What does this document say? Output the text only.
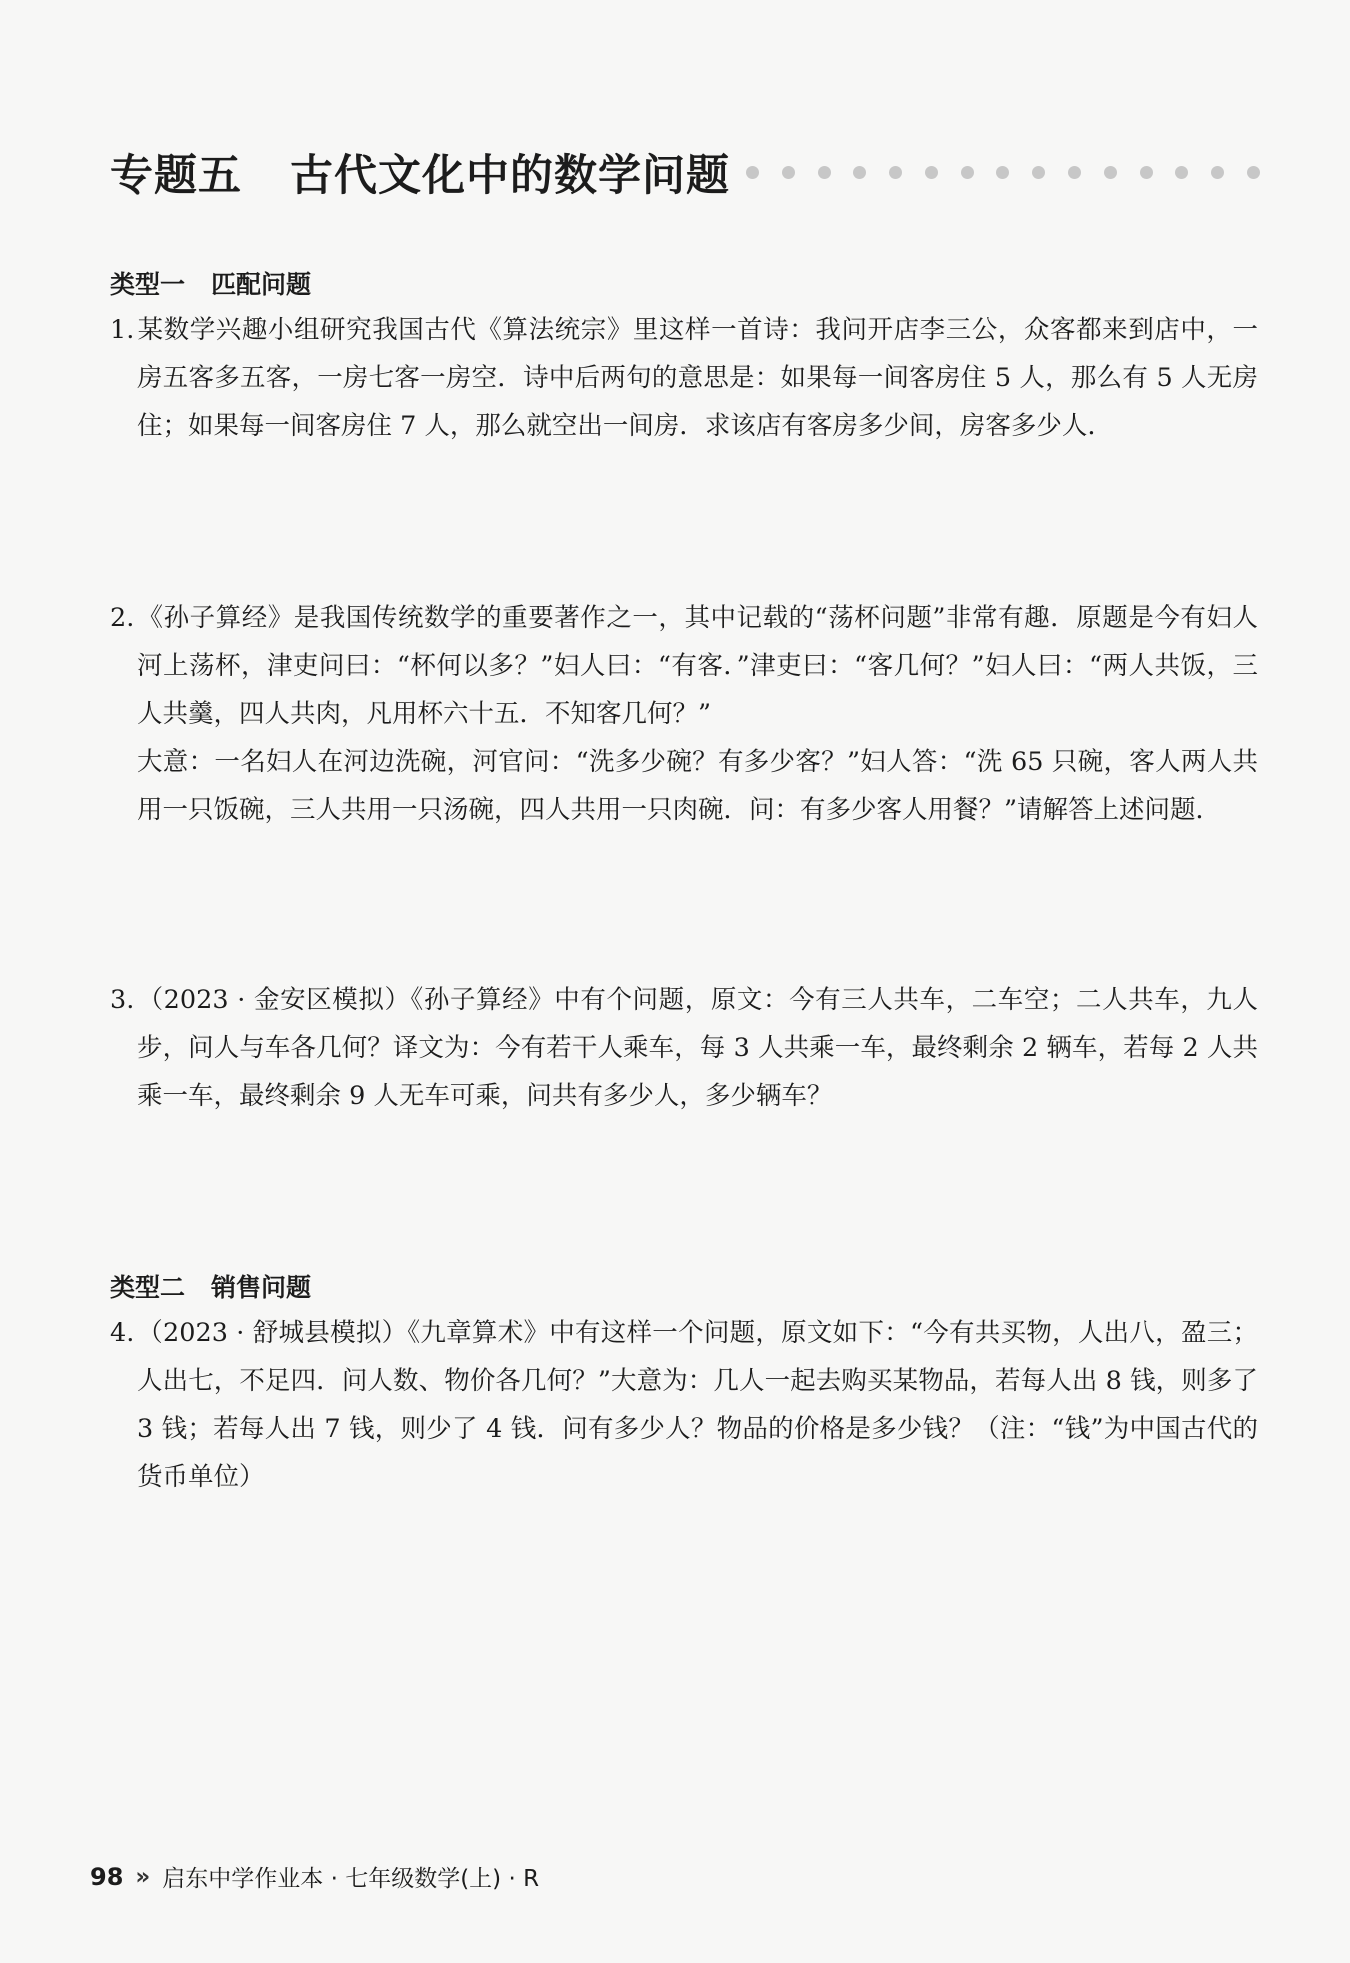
专题五 古代文化中的数学问题
类型一 匹配问题

1. 某数学兴趣小组研究我国古代《算法统宗》里这样一首诗：我问开店李三公，众客都来到店中，一房五客多五客，一房七客一房空．诗中后两句的意思是：如果每一间客房住 5 人，那么有 5 人无房住；如果每一间客房住 7 人，那么就空出一间房．求该店有客房多少间，房客多少人．

2. 《孙子算经》是我国传统数学的重要著作之一，其中记载的“荡杯问题”非常有趣．原题是今有妇人河上荡杯，津吏问曰：“杯何以多？”妇人曰：“有客．”津吏曰：“客几何？”妇人曰：“两人共饭，三人共羹，四人共肉，凡用杯六十五．不知客几何？”

大意：一名妇人在河边洗碗，河官问：“洗多少碗？有多少客？”妇人答：“洗 65 只碗，客人两人共用一只饭碗，三人共用一只汤碗，四人共用一只肉碗．问：有多少客人用餐？”请解答上述问题．

3. （2023 · 金安区模拟）《孙子算经》中有个问题，原文：今有三人共车，二车空；二人共车，九人步，问人与车各几何？译文为：今有若干人乘车，每 3 人共乘一车，最终剩余 2 辆车，若每 2 人共乘一车，最终剩余 9 人无车可乘，问共有多少人，多少辆车？

类型二 销售问题

4. （2023 · 舒城县模拟）《九章算术》中有这样一个问题，原文如下：“今有共买物，人出八，盈三；人出七，不足四．问人数、物价各几何？”大意为：几人一起去购买某物品，若每人出 8 钱，则多了 3 钱；若每人出 7 钱，则少了 4 钱．问有多少人？物品的价格是多少钱？（注：“钱”为中国古代的货币单位）

98 » 启东中学作业本 · 七年级数学(上) · R
